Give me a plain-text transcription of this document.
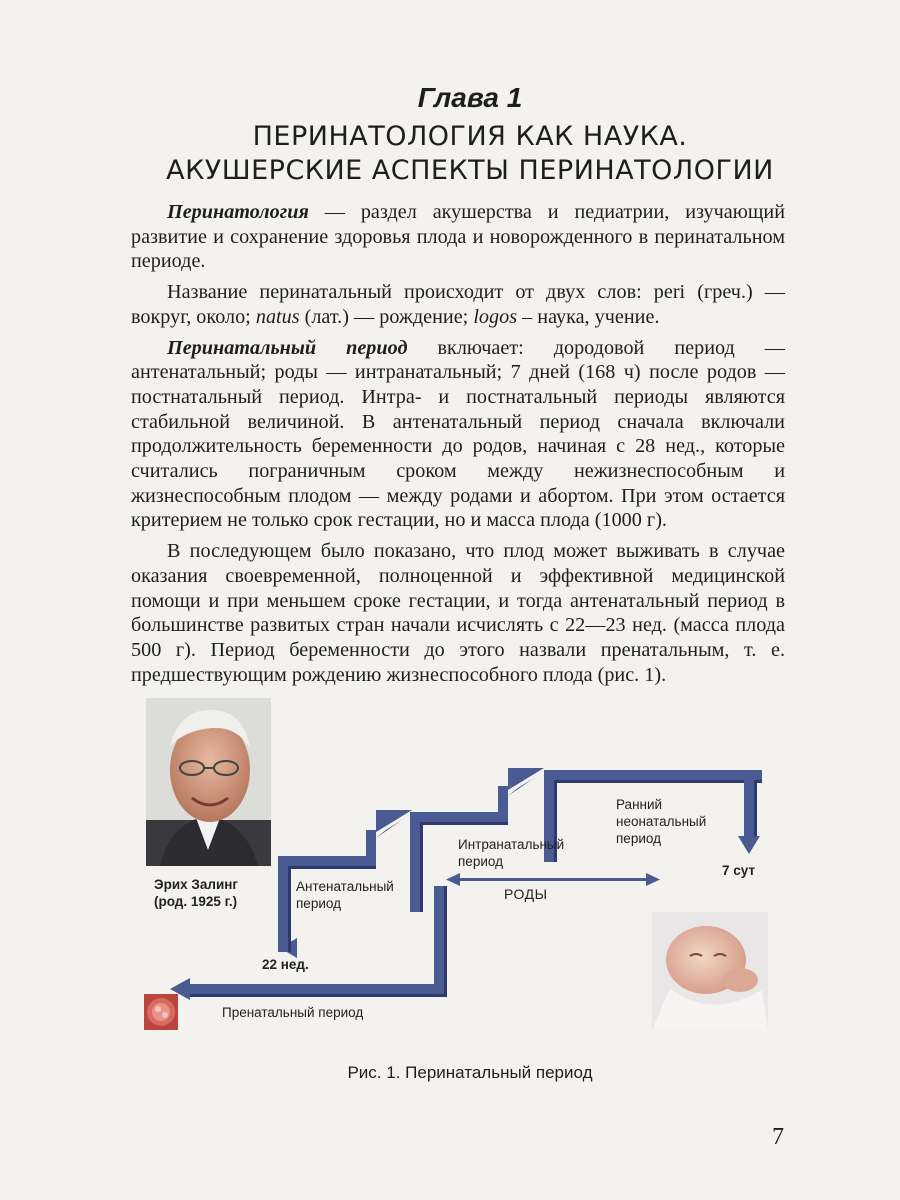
Глава 1
ПЕРИНАТОЛОГИЯ КАК НАУКА.
АКУШЕРСКИЕ АСПЕКТЫ ПЕРИНАТОЛОГИИ

Перинатология — раздел акушерства и педиатрии, изучающий развитие и сохранение здоровья плода и новорожденного в перинатальном периоде.

Название перинатальный происходит от двух слов: peri (греч.) — вокруг, около; natus (лат.) — рождение; logos – наука, учение.

Перинатальный период включает: дородовой период — антенатальный; роды — интранатальный; 7 дней (168 ч) после родов — постнатальный период. Интра- и постнатальный периоды являются стабильной величиной. В антенатальный период сначала включали продолжительность беременности до родов, начиная с 28 нед., которые считались пограничным сроком между нежизнеспособным и жизнеспособным плодом — между родами и абортом. При этом остается критерием не только срок гестации, но и масса плода (1000 г).

В последующем было показано, что плод может выживать в случае оказания своевременной, полноценной и эффективной медицинской помощи и при меньшем сроке гестации, и тогда антенатальный период в большинстве развитых стран начали исчислять с 22—23 нед. (масса плода 500 г). Период беременности до этого назвали пренатальным, т. е. предшествующим рождению жизнеспособного плода (рис. 1).

Эрих Залинг
(род. 1925 г.)
Антенатальный
период
Интранатальный
период
Ранний
неонатальный
период
7 сут
РОДЫ
22 нед.
Пренатальный период
Рис. 1. Перинатальный период
7
